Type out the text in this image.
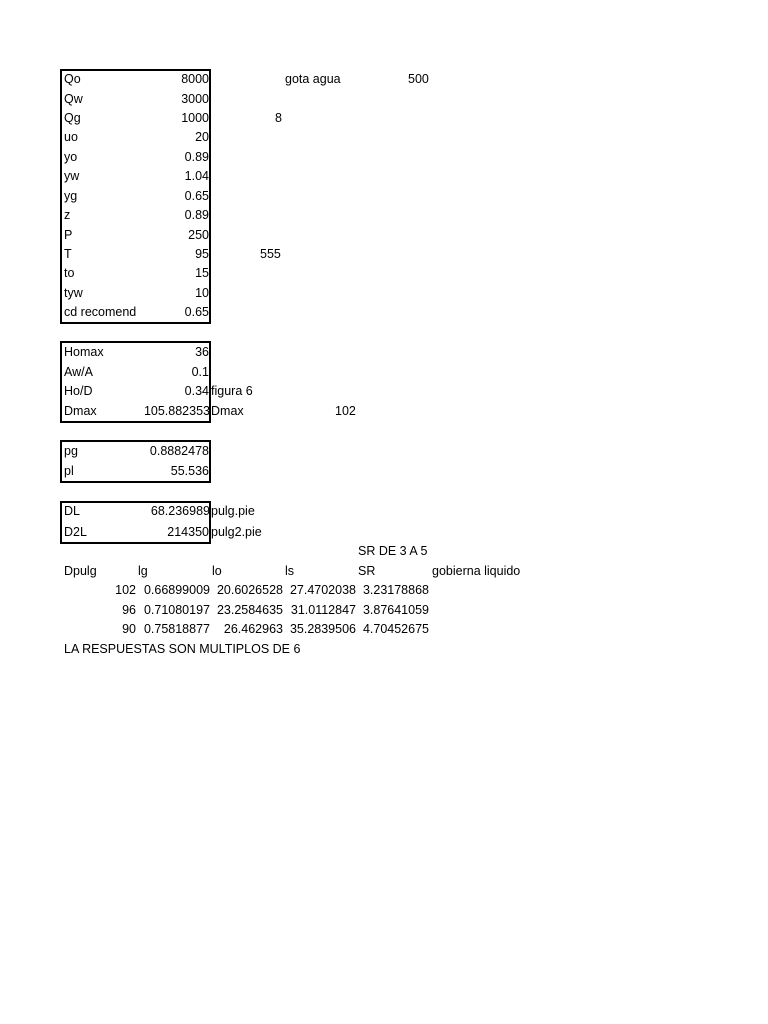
Qo	8000
Qw	3000
Qg	1000
uo	20
yo	0.89
yw	1.04
yg	0.65
z	0.89
P	250
T	95
to	15
tyw	10
cd recomend	0.65
gota agua	500
8
555
Homax	36
Aw/A	0.1
Ho/D	0.34 figura 6
Dmax	105.882353 Dmax	102
pg	0.8882478
pl	55.536
DL	68.236989 pulg.pie
D2L	214350 pulg2.pie
SR DE 3 A 5
Dpulg	lg	lo	ls	SR	gobierna liquido
102 0.66899009 20.6026528 27.4702038 3.23178868
96 0.71080197 23.2584635 31.0112847 3.87641059
90 0.75818877	26.462963 35.2839506 4.70452675
LA RESPUESTAS SON MULTIPLOS DE 6
